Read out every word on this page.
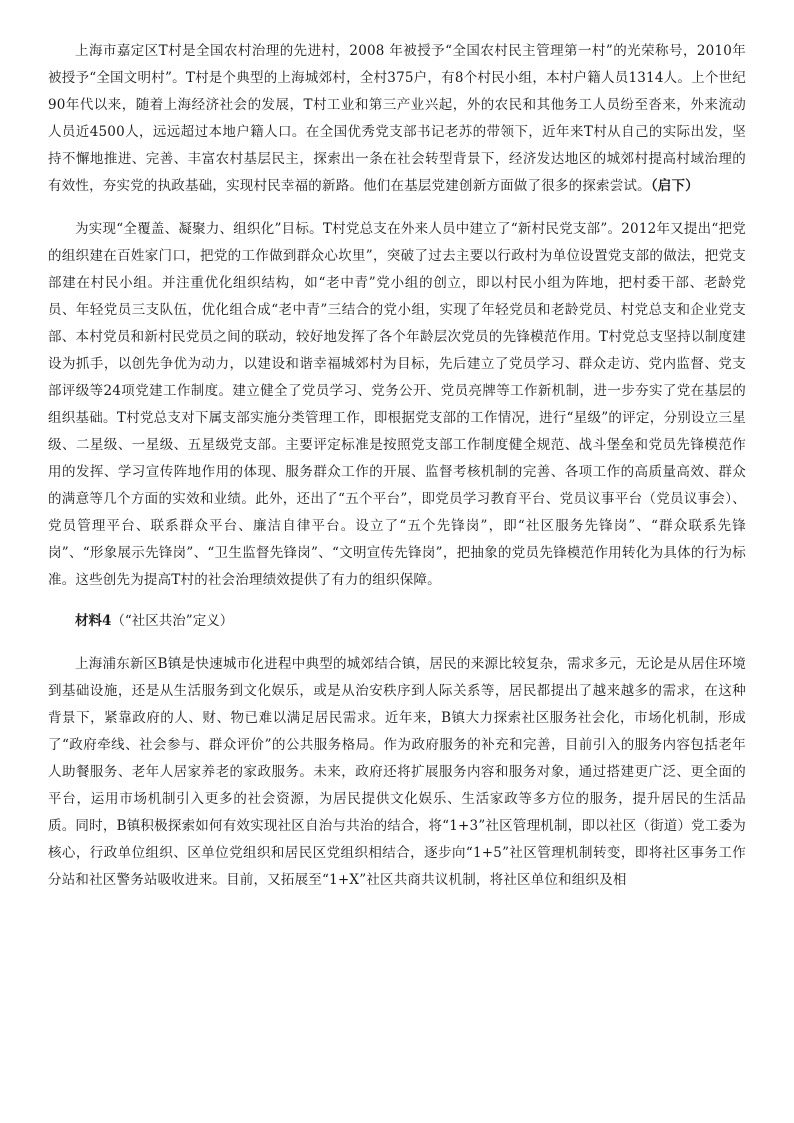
上海市嘉定区T村是全国农村治理的先进村，2008 年被授予“全国农村民主管理第一村”的光荣称号，2010年被授予“全国文明村”。T村是个典型的上海城郊村，全村375户，有8个村民小组，本村户籍人员1314人。上个世纪90年代以来，随着上海经济社会的发展，T村工业和第三产业兴起，外的农民和其他务工人员纷至沓来，外来流动人员近4500人，远远超过本地户籍人口。在全国优秀党支部书记老苏的带领下，近年来T村从自己的实际出发，坚持不懈地推进、完善、丰富农村基层民主，探索出一条在社会转型背景下，经济发达地区的城郊村提高村域治理的有效性，夯实党的执政基础，实现村民幸福的新路。他们在基层党建创新方面做了很多的探索尝试。（启下）

为实现“全覆盖、凝聚力、组织化”目标。T村党总支在外来人员中建立了“新村民党支部”。2012年又提出“把党的组织建在百姓家门口，把党的工作做到群众心坎里”，突破了过去主要以行政村为单位设置党支部的做法，把党支部建在村民小组。并注重优化组织结构，如“老中青”党小组的创立，即以村民小组为阵地，把村委干部、老龄党员、年轻党员三支队伍，优化组合成“老中青”三结合的党小组，实现了年轻党员和老龄党员、村党总支和企业党支部、本村党员和新村民党员之间的联动，较好地发挥了各个年龄层次党员的先锋模范作用。T村党总支坚持以制度建设为抓手，以创先争优为动力，以建设和谐幸福城郊村为目标，先后建立了党员学习、群众走访、党内监督、党支部评级等24项党建工作制度。建立健全了党员学习、党务公开、党员亮牌等工作新机制，进一步夯实了党在基层的组织基础。T村党总支对下属支部实施分类管理工作，即根据党支部的工作情况，进行“星级”的评定，分别设立三星级、二星级、一星级、五星级党支部。主要评定标准是按照党支部工作制度健全规范、战斗堡垒和党员先锋模范作用的发挥、学习宣传阵地作用的体现、服务群众工作的开展、监督考核机制的完善、各项工作的高质量高效、群众的满意等几个方面的实效和业绩。此外，还出了“五个平台”，即党员学习教育平台、党员议事平台（党员议事会）、党员管理平台、联系群众平台、廉洁自律平台。设立了“五个先锋岗”，即“社区服务先锋岗”、“群众联系先锋岗”、“形象展示先锋岗”、“卫生监督先锋岗”、“文明宣传先锋岗”，把抽象的党员先锋模范作用转化为具体的行为标准。这些创先为提高T村的社会治理绩效提供了有力的组织保障。

材料4（“社区共治”定义）

上海浦东新区B镇是快速城市化进程中典型的城郊结合镇，居民的来源比较复杂，需求多元，无论是从居住环境到基础设施，还是从生活服务到文化娱乐，或是从治安秩序到人际关系等，居民都提出了越来越多的需求，在这种背景下，紧靠政府的人、财、物已难以满足居民需求。近年来，B镇大力探索社区服务社会化，市场化机制，形成了“政府牵线、社会参与、群众评价”的公共服务格局。作为政府服务的补充和完善，目前引入的服务内容包括老年人助餐服务、老年人居家养老的家政服务。未来，政府还将扩展服务内容和服务对象，通过搭建更广泛、更全面的平台，运用市场机制引入更多的社会资源，为居民提供文化娱乐、生活家政等多方位的服务，提升居民的生活品质。同时，B镇积极探索如何有效实现社区自治与共治的结合，将“1+3”社区管理机制，即以社区（街道）党工委为核心，行政单位组织、区单位党组织和居民区党组织相结合，逐步向“1+5”社区管理机制转变，即将社区事务工作分站和社区警务站吸收进来。目前，又拓展至“1+X”社区共商共议机制，将社区单位和组织及相
